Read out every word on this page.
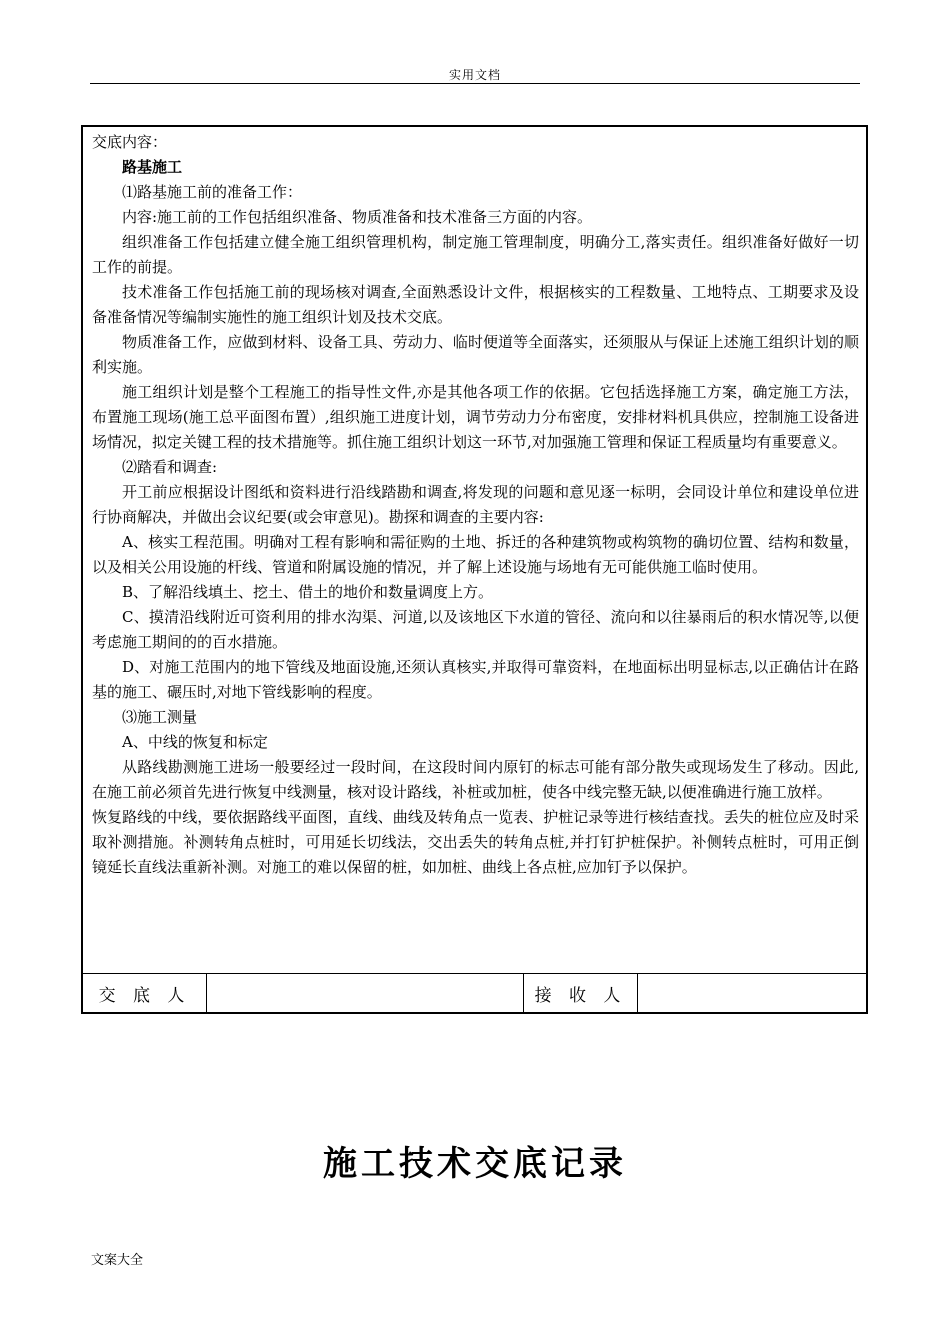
实用文档

交底内容：

路基施工

⑴路基施工前的准备工作：

内容:施工前的工作包括组织准备、物质准备和技术准备三方面的内容。

组织准备工作包括建立健全施工组织管理机构，制定施工管理制度，明确分工,落实责任。组织准备好做好一切工作的前提。

技术准备工作包括施工前的现场核对调查,全面熟悉设计文件，根据核实的工程数量、工地特点、工期要求及设备准备情况等编制实施性的施工组织计划及技术交底。

物质准备工作，应做到材料、设备工具、劳动力、临时便道等全面落实，还须服从与保证上述施工组织计划的顺利实施。

施工组织计划是整个工程施工的指导性文件,亦是其他各项工作的依据。它包括选择施工方案，确定施工方法，布置施工现场(施工总平面图布置）,组织施工进度计划，调节劳动力分布密度，安排材料机具供应，控制施工设备进场情况，拟定关键工程的技术措施等。抓住施工组织计划这一环节,对加强施工管理和保证工程质量均有重要意义。

⑵踏看和调查:

开工前应根据设计图纸和资料进行沿线踏勘和调查,将发现的问题和意见逐一标明，会同设计单位和建设单位进行协商解决，并做出会议纪要(或会审意见)。勘探和调查的主要内容:

A、核实工程范围。明确对工程有影响和需征购的土地、拆迁的各种建筑物或构筑物的确切位置、结构和数量，以及相关公用设施的杆线、管道和附属设施的情况，并了解上述设施与场地有无可能供施工临时使用。

B、了解沿线填土、挖土、借土的地价和数量调度上方。

C、摸清沿线附近可资利用的排水沟渠、河道,以及该地区下水道的管径、流向和以往暴雨后的积水情况等,以便考虑施工期间的的百水措施。

D、对施工范围内的地下管线及地面设施,还须认真核实,并取得可靠资料，在地面标出明显标志,以正确估计在路基的施工、碾压时,对地下管线影响的程度。

⑶施工测量

A、中线的恢复和标定

从路线勘测施工进场一般要经过一段时间，在这段时间内原钉的标志可能有部分散失或现场发生了移动。因此,在施工前必须首先进行恢复中线测量，核对设计路线，补桩或加桩，使各中线完整无缺,以便准确进行施工放样。

恢复路线的中线，要依据路线平面图，直线、曲线及转角点一览表、护桩记录等进行核结查找。丢失的桩位应及时采取补测措施。补测转角点桩时，可用延长切线法，交出丢失的转角点桩,并打钉护桩保护。补侧转点桩时，可用正倒镜延长直线法重新补测。对施工的难以保留的桩，如加桩、曲线上各点桩,应加钉予以保护。

交 底 人	接 收 人
施工技术交底记录
文案大全
